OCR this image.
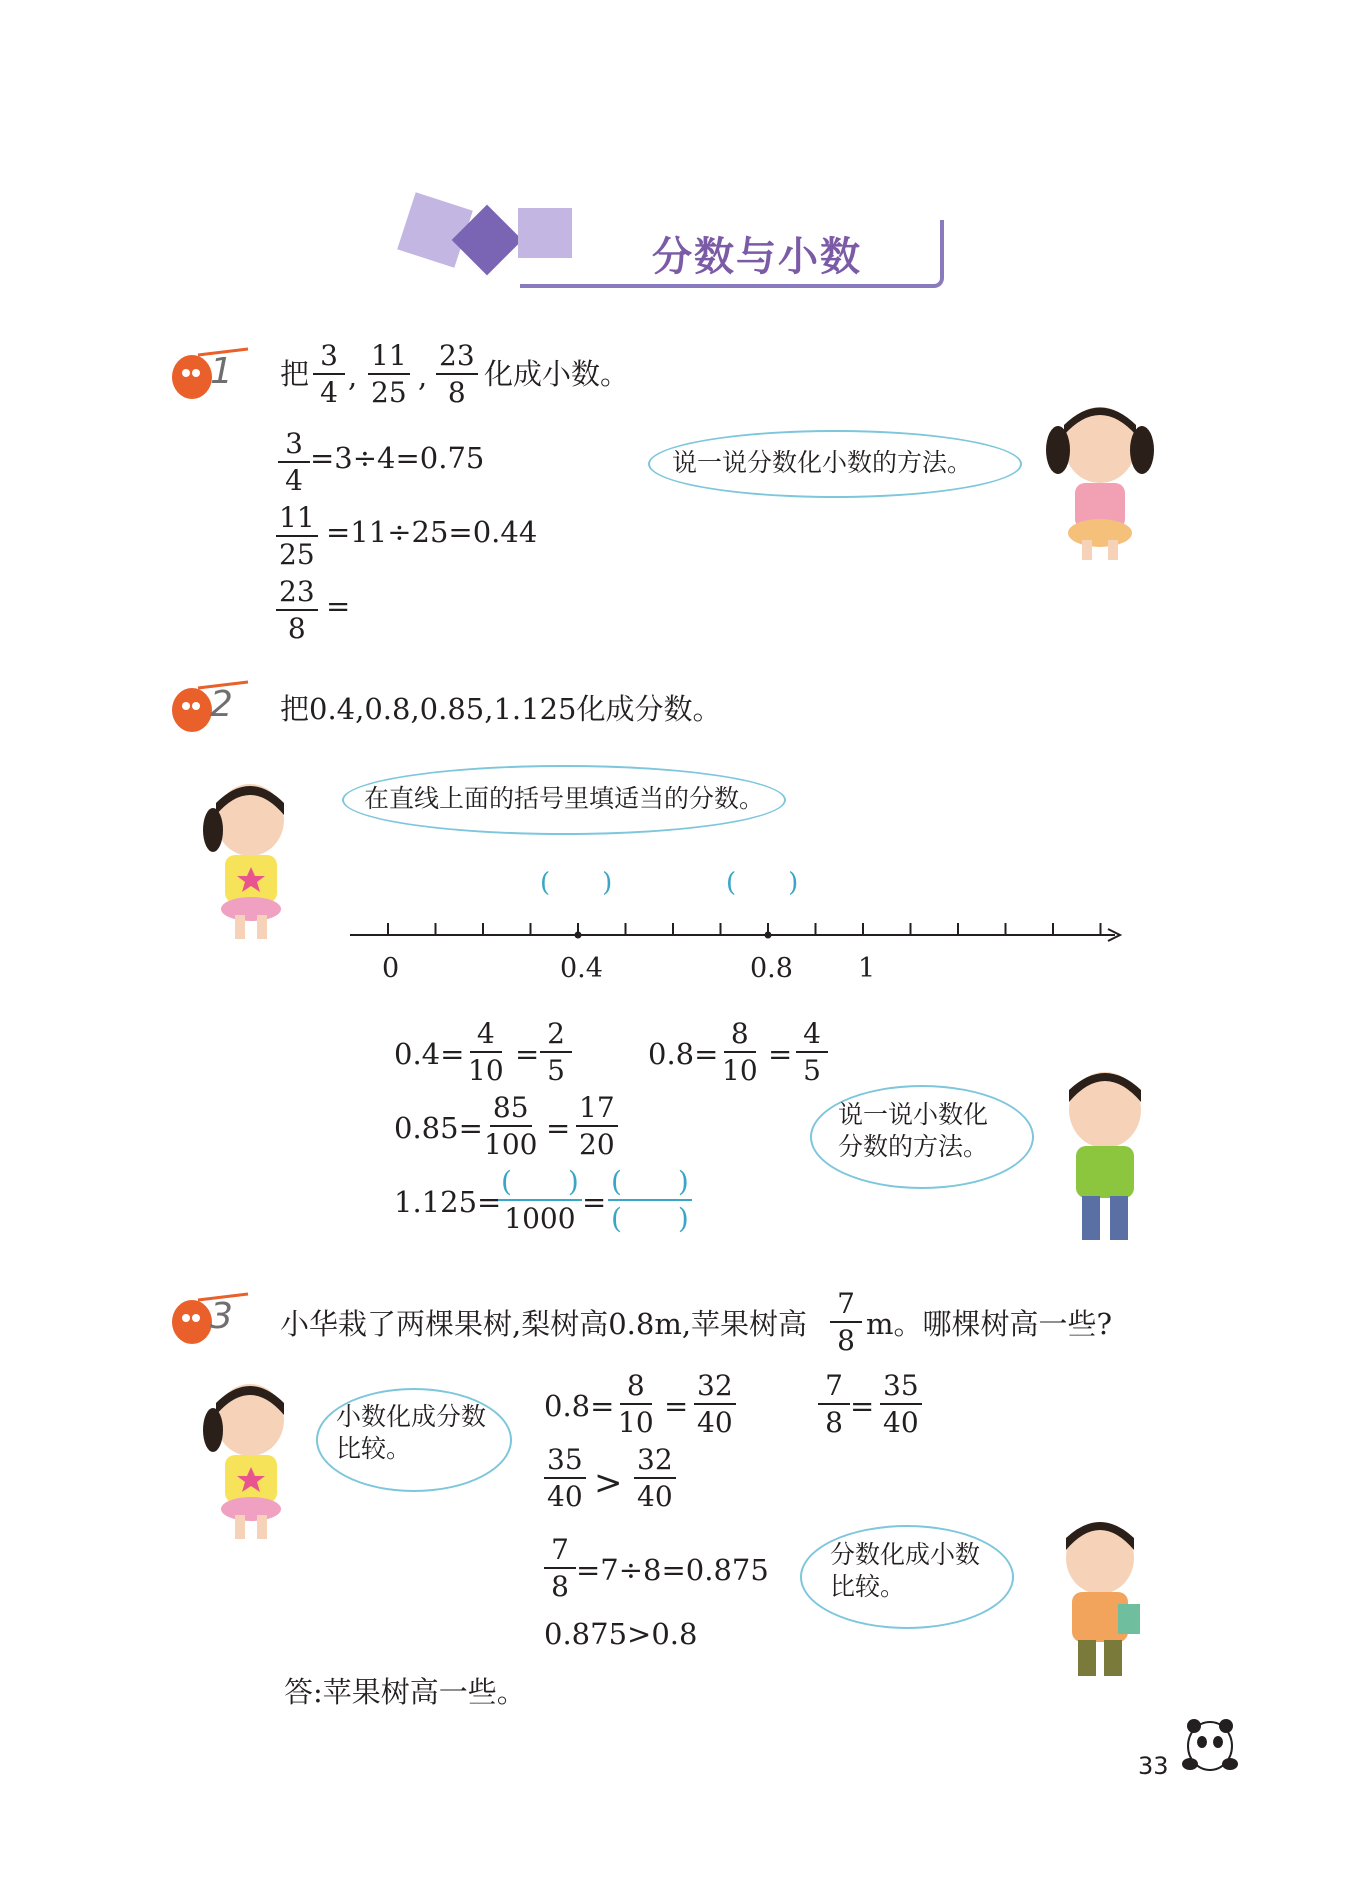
分数与小数
1 把 $\frac{3}{4}$ , $\frac{11}{25}$ , $\frac{23}{8}$ 化成小数。
$\frac{3}{4} =3\div 4=0.75$
$\frac{11}{25} =11\div 25=0.44$
$\frac{23}{8}$ =
说一说分数化小数的方法。
2 把0.4,0.8,0.85,1.125化成分数。
在直线上面的括号里填适当的分数。
(　　)	(　　)
0	0.4	0.8 1
$0.4= \frac{4}{10} = \frac{2}{5}$	$0.8= \frac{8}{10} = \frac{4}{5}$
$0.85= \frac{85}{100} = \frac{17}{20}$
1.125=
(　　)
1000 =
(　　)
(　　)
说一说小数化
分数的方法。
3 小华栽了两棵果树,梨树高0.8m,苹果树高 $\frac{7}{8}$ m。哪棵树高一些?
小数化成分数
比较。
$0.8= \frac{8}{10} = \frac{32}{40}$	$\frac{7}{8} = \frac{35}{40}$
$\frac{35}{40} > \frac{32}{40}$
$\frac{7}{8} =7\div 8=0.875$
0.875>0.8
分数化成小数
比较。
答:苹果树高一些。
33
